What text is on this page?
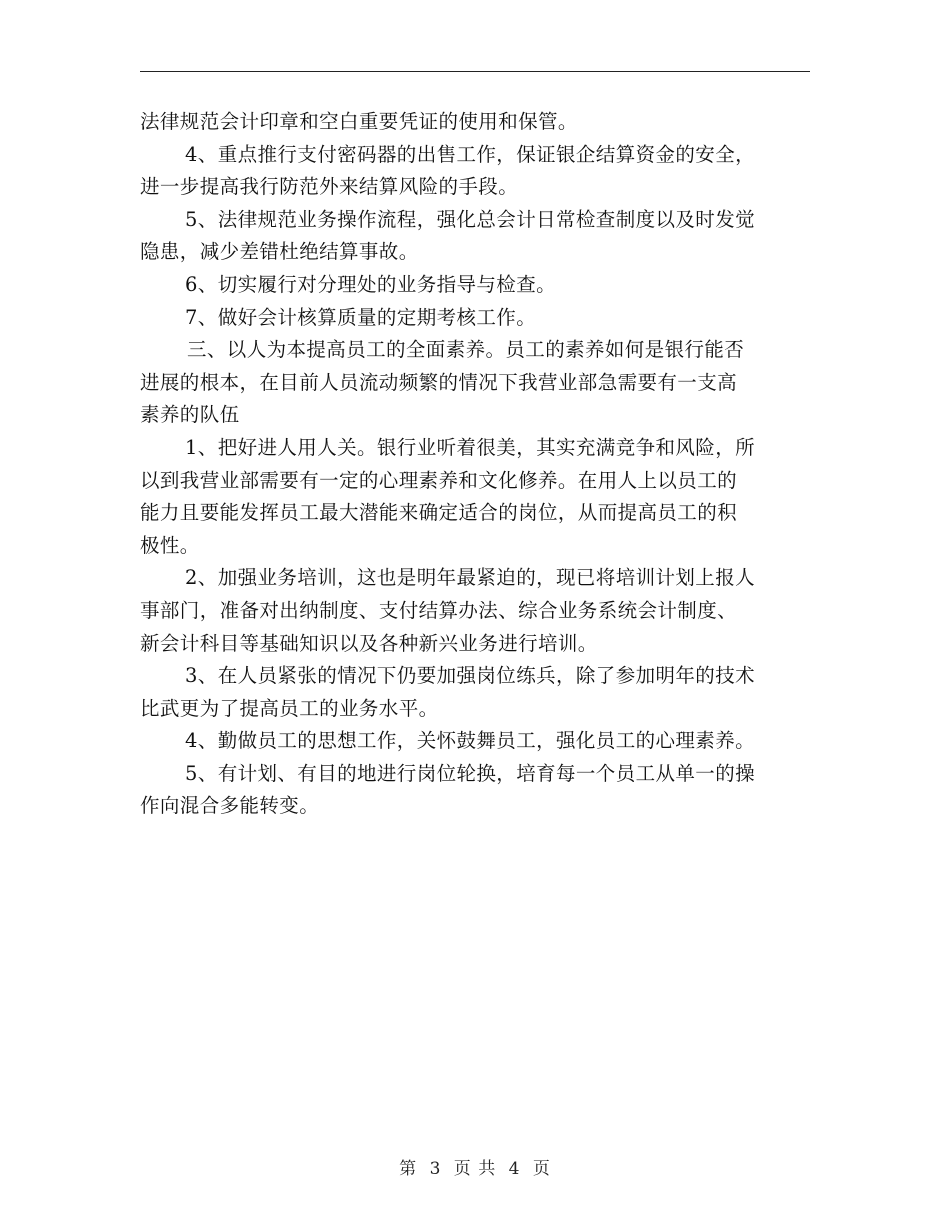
法律规范会计印章和空白重要凭证的使用和保管。
4、重点推行支付密码器的出售工作，保证银企结算资金的安全，
进一步提高我行防范外来结算风险的手段。
5、法律规范业务操作流程，强化总会计日常检查制度以及时发觉
隐患，减少差错杜绝结算事故。
6、切实履行对分理处的业务指导与检查。
7、做好会计核算质量的定期考核工作。
三、以人为本提高员工的全面素养。员工的素养如何是银行能否
进展的根本，在目前人员流动频繁的情况下我营业部急需要有一支高
素养的队伍
1、把好进人用人关。银行业听着很美，其实充满竞争和风险，所
以到我营业部需要有一定的心理素养和文化修养。在用人上以员工的
能力且要能发挥员工最大潜能来确定适合的岗位，从而提高员工的积
极性。
2、加强业务培训，这也是明年最紧迫的，现已将培训计划上报人
事部门，准备对出纳制度、支付结算办法、综合业务系统会计制度、
新会计科目等基础知识以及各种新兴业务进行培训。
3、在人员紧张的情况下仍要加强岗位练兵，除了参加明年的技术
比武更为了提高员工的业务水平。
4、勤做员工的思想工作，关怀鼓舞员工，强化员工的心理素养。
5、有计划、有目的地进行岗位轮换，培育每一个员工从单一的操
作向混合多能转变。
第 3 页 共 4 页
